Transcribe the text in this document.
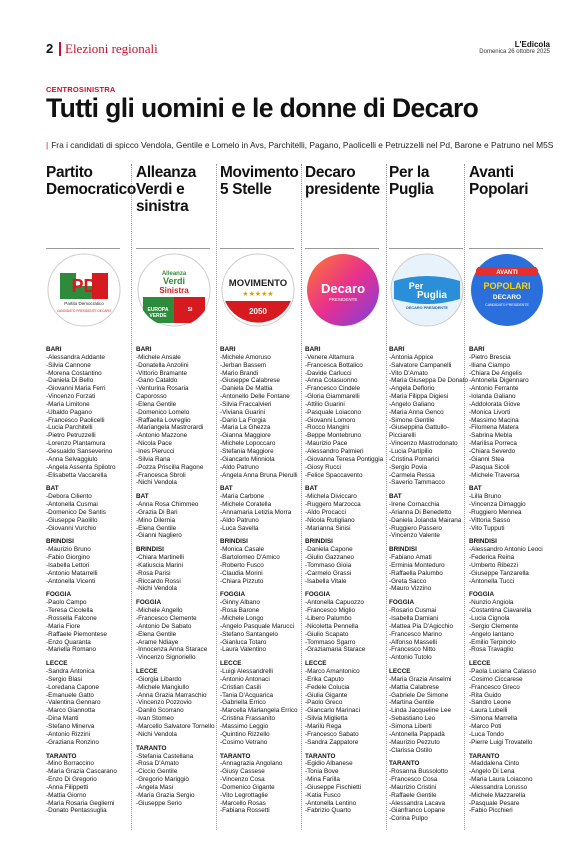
2 Elezioni regionali	L'Edicola
Domenica 26 ottobre 2025
CENTROSINISTRA
Tutti gli uomini e le donne di Decaro
| Fra i candidati di spicco Vendola, Gentile e Lomelo in Avs, Parchitelli, Pagano, Paolicelli e Petruzzelli nel Pd, Barone e Patruno nel M5S
Partito Democratico
Alleanza Verdi e sinistra
Movimento 5 Stelle
Decaro presidente
Per la Puglia
Avanti Popolari
PD
Partito Democratico
CANDIDATO PRESIDENTE DECARO
Alleanza
Verdi
Sinistra
EUROPA
VERDE
SI
MOVIMENTO
★★★★★
2050
Decaro
PRESIDENTE
Per
Puglia
DECARO PRESIDENTE
AVANTI
POPOLARI
DECARO
CANDIDATO PRESIDENTE
BARI
-Alessandra Addante
-Silvia Cannone
-Morena Costantino
-Daniela Di Bello
-Giovanni Maria Ferri
-Vincenzo Forzati
-Maria Limitone
-Ubaldo Pagano
-Francesco Paolicelli
-Lucia Parchitelli
-Pietro Petruzzelli
-Lorenzo Plantamura
-Gesualdo Sanseverino
-Anna Selvaggiulo
-Angela Assenta Spilotro
-Elisabetta Vaccarella
BAT
-Debora Ciliento
-Antonella Cusmai
-Domenico De Santis
-Giuseppe Paolillo
-Giovanni Vurchio
BRINDISI
-Maurizio Bruno
-Fabio Giorgino
-Isabella Lettori
-Antonio Matarrelli
-Antonella Vicenti
FOGGIA
-Paolo Campo
-Teresa Cicolella
-Rossella Falcone
-Maria Fiore
-Raffaele Piemontese
-Enzo Quaranta
-Mariella Romano
LECCE
-Sandra Antonica
-Sergio Blasi
-Loredana Capone
-Emanuele Gatto
-Valentina Gennaro
-Marco Giannotta
-Dina Manti
-Stefano Minerva
-Antonio Rizzini
-Graziana Ronzino
TARANTO
-Mino Borraccino
-Maria Grazia Cascarano
-Enzo Di Gregorio
-Anna Filippetti
-Mattia Giorno
-Maria Rosaria Gegliemi
-Donato Pentassuglia
BARI
-Michele Ansale
-Donatella Anzolini
-Vittorio Bramante
-Gano Cataldo
-Venturina Rosaria Caporosso
-Elena Gentile
-Domenico Lomelo
-Raffaella Lovreglio
-Mariangela Mastrorardi
-Antonio Mazzone
-Nicola Pace
-Ines Pierucci
-Silvia Rana
-Pozza Priscilla Ragone
-Francesca Sbroli
-Nichi Vendola
BAT
-Anna Rosa Chimmeo
-Grazia Di Bari
-Mino Dilernia
-Elena Gentile
-Gianni Nagliero
BRINDISI
-Chiara Martinelli
-Katiuscia Marini
-Rosa Parisi
-Riccardo Rossi
-Nichi Vendola
FOGGIA
-Michele Angello
-Francesco Clemente
-Antonio De Sabato
-Elena Gentile
-Arame Ndiaye
-Innocenza Anna Starace
-Vincenzo Signoriello
LECCE
-Giorgia Libardo
-Michele Mangiullo
-Anna Grazia Marraschio
-Vincenzo Pozzovio
-Danilo Scorrano
-Ivan Stomeo
-Marcello Salvatore Tornello
-Nichi Vendola
TARANTO
-Stefania Castellana
-Rosa D'Amato
-Ciccio Gentile
-Gregorio Mariggiò
-Angela Masi
-Maria Grazia Sergio
-Giuseppe Serio
BARI
-Michele Amoruso
-Jerban Bassem
-Mario Brandi
-Giuseppe Calabrese
-Daniela De Mattia
-Antonello Delle Fontane
-Silvia Fraccalvieri
-Viviana Guarini
-Dario La Forgia
-Maria La Ghezza
-Gianna Maggiore
-Michele Lopoccaro
-Stefania Maggiore
-Giancarlo Minniola
-Aldo Patruno
-Angela Anna Bruna Pierulli
BAT
-Maria Carbone
-Michele Coratella
-Annamaria Letizia Morra
-Aldo Patruno
-Luca Savella
BRINDISI
-Monica Casale
-Bartolomeo D'Amico
-Roberto Fusco
-Claudia Morini
-Chiara Pizzuto
FOGGIA
-Ginny Albano
-Rosa Barone
-Michele Longo
-Angelo Pasquale Marucci
-Stefano Santangelo
-Gianluca Totaro
-Laura Valentino
LECCE
-Luigi Alessandrelli
-Antonio Antonaci
-Cristian Casili
-Tania D'Acquarica
-Gabriella Errico
-Marcella Marlangela Errico
-Cristina Frassanito
-Massimo Leggio
-Quintino Rizzello
-Cosimo Vetrano
TARANTO
-Annagrazia Angolano
-Giusy Cassese
-Vincenzo Cosa
-Domenico Gigante
-Vito Legrottaglie
-Marcello Rosas
-Fabiana Rossetti
BARI
-Venere Altamura
-Francesca Bottalico
-Davide Carlucci
-Anna Colasuonno
-Francesco Cindele
-Gloria Giammarelli
-Attilio Guarini
-Pasquale Loiacono
-Giovanni Lomoro
-Rocco Mangini
-Beppe Montebruno
-Maurizio Pace
-Alessandro Palmieri
-Giovanna Teresa Pontiggia
-Giosy Rucci
-Felice Spaccavento
BAT
-Michela Diviccaro
-Ruggero Marzocca
-Aldo Procacci
-Nicola Rutigliano
-Marianna Sinisi
BRINDISI
-Daniela Capone
-Giulio Gazzaneo
-Tommaso Gioia
-Carmelo Grassi
-Isabella Vitale
FOGGIA
-Antonella Capuozzo
-Francesco Miglio
-Libero Palumbo
-Nicoletta Pennella
-Giulio Scapato
-Tommaso Sgarro
-Graziamaria Starace
LECCE
-Marco Amantonico
-Erika Caputo
-Fedele Colucia
-Giulia Gigante
-Paolo Greco
-Giancarlo Marinaci
-Silvia Miglietta
-Marilù Rega
-Francesco Sabato
-Sandra Zappatore
TARANTO
-Egidio Albanese
-Tonia Bove
-Mina Farilla
-Giuseppe Fischietti
-Katia Fusco
-Antonella Lentino
-Fabrizio Quarto
BARI
-Antonia Appice
-Salvatore Campanelli
-Vito D'Amato
-Maria Giuseppa De Donato
-Angela Deflorio
-Maria Filippa Digiesi
-Angelo Galiano
-Maria Anna Genco
-Simone Gentile
-Giuseppina Gattullo-Picciarelli
-Vincenzo Mastrodonato
-Lucia Partipilio
-Cristina Pomarici
-Sergio Povia
-Carmela Ressa
-Saverio Tammacco
BAT
-Irene Cornacchia
-Arianna Di Benedetto
-Daniela Jolanda Mairana
-Ruggiero Passero
-Vincenzo Valente
BRINDISI
-Fabiano Amati
-Erminia Monteduro
-Raffaella Palumbo
-Greta Sacco
-Mauro Vizzino
FOGGIA
-Rosario Cusmai
-Isabella Damiani
-Mattea Pia D'Agicchio
-Francesco Marino
-Alfonso Masselli
-Francesco Nitto
-Antonio Tutolo
LECCE
-Maria Grazia Anselmi
-Mattia Calabrese
-Gabriele De Simone
-Martina Gentile
-Linda Jacqueline Lee
-Sebastiano Leo
-Simona Liberti
-Antonella Pappadà
-Maurizio Pezzuto
-Clarissa Ostilo
TARANTO
-Rosanna Bussolotto
-Francesco Cosa
-Maurizio Cristini
-Raffaele Gentile
-Alessandra Lacava
-Gianfranco Lopane
-Corina Pulpo
BARI
-Pietro Brescia
-Iliana Ciampo
-Chiara De Angelis
-Antonella Digennaro
-Antonio Ferrante
-Iolanda Galiano
-Addolorata Giove
-Monica Livorti
-Massimo Macina
-Filomena Matera
-Sabrina Mebla
-Marilisa Porreca
-Chiara Severdo
-Gianni Stea
-Pasqua Sicoli
-Michele Traversa
BAT
-Lilla Bruno
-Vincenza Dimaggio
-Ruggiero Mennea
-Vittoria Sasso
-Vito Tupputi
BRINDISI
-Alessandro Antonio Leoci
-Federica Reina
-Umberto Ribezzi
-Giuseppe Tanzarella
-Antonella Tucci
FOGGIA
-Nunzio Angiola
-Costantina Ciavarella
-Lucia Cignola
-Sergio Clemente
-Angelo Iantano
-Emilio Terpinolo
-Rosa Travaglio
LECCE
-Paola Luciana Calasso
-Cosimo Ciccarese
-Francesco Greco
-Rita Guido
-Sandro Leone
-Laura Lubelli
-Simona Marrella
-Marco Poti
-Luca Tondo
-Pierre Luigi Trovatello
TARANTO
-Maddalena Cinto
-Angelo Di Lena
-Maria Laura Loiacono
-Alessandra Lorusso
-Michele Mazzarella
-Pasquale Pesare
-Fabio Picchieri
